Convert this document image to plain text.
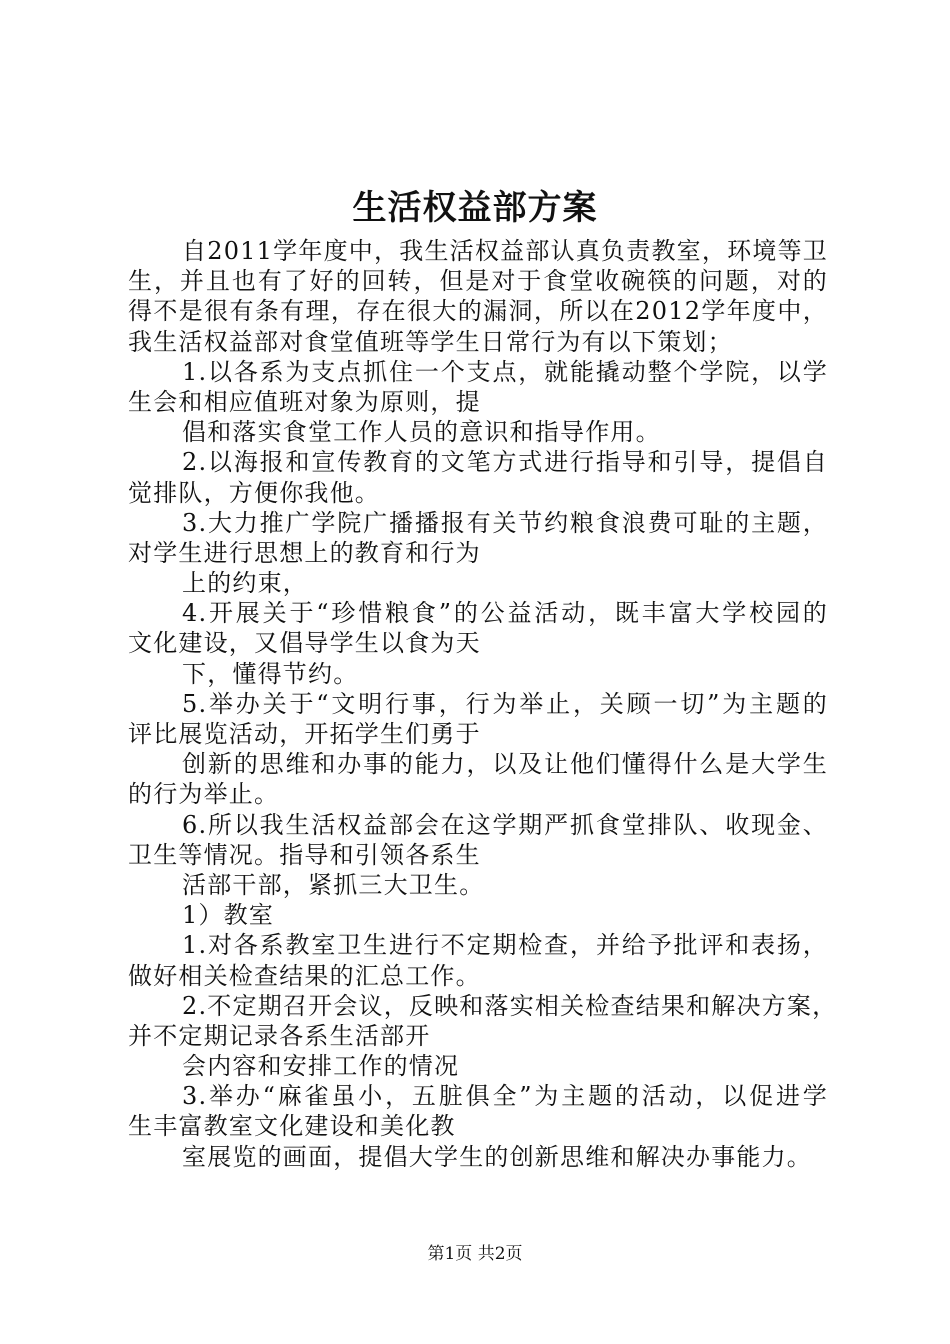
生活权益部方案
自2011学年度中，我生活权益部认真负责教室，环境等卫
生，并且也有了好的回转，但是对于食堂收碗筷的问题，对的
得不是很有条有理，存在很大的漏洞，所以在2012学年度中，
我生活权益部对食堂值班等学生日常行为有以下策划；
1.以各系为支点抓住一个支点，就能撬动整个学院，以学
生会和相应值班对象为原则，提
倡和落实食堂工作人员的意识和指导作用。
2.以海报和宣传教育的文笔方式进行指导和引导，提倡自
觉排队，方便你我他。
3.大力推广学院广播播报有关节约粮食浪费可耻的主题，
对学生进行思想上的教育和行为
上的约束，
4.开展关于“珍惜粮食”的公益活动，既丰富大学校园的
文化建设，又倡导学生以食为天
下，懂得节约。
5.举办关于“文明行事，行为举止，关顾一切”为主题的
评比展览活动，开拓学生们勇于
创新的思维和办事的能力，以及让他们懂得什么是大学生
的行为举止。
6.所以我生活权益部会在这学期严抓食堂排队、收现金、
卫生等情况。指导和引领各系生
活部干部，紧抓三大卫生。
1）教室
1.对各系教室卫生进行不定期检查，并给予批评和表扬，
做好相关检查结果的汇总工作。
2.不定期召开会议，反映和落实相关检查结果和解决方案，
并不定期记录各系生活部开
会内容和安排工作的情况
3.举办“麻雀虽小，五脏俱全”为主题的活动，以促进学
生丰富教室文化建设和美化教
室展览的画面，提倡大学生的创新思维和解决办事能力。
第1页 共2页
